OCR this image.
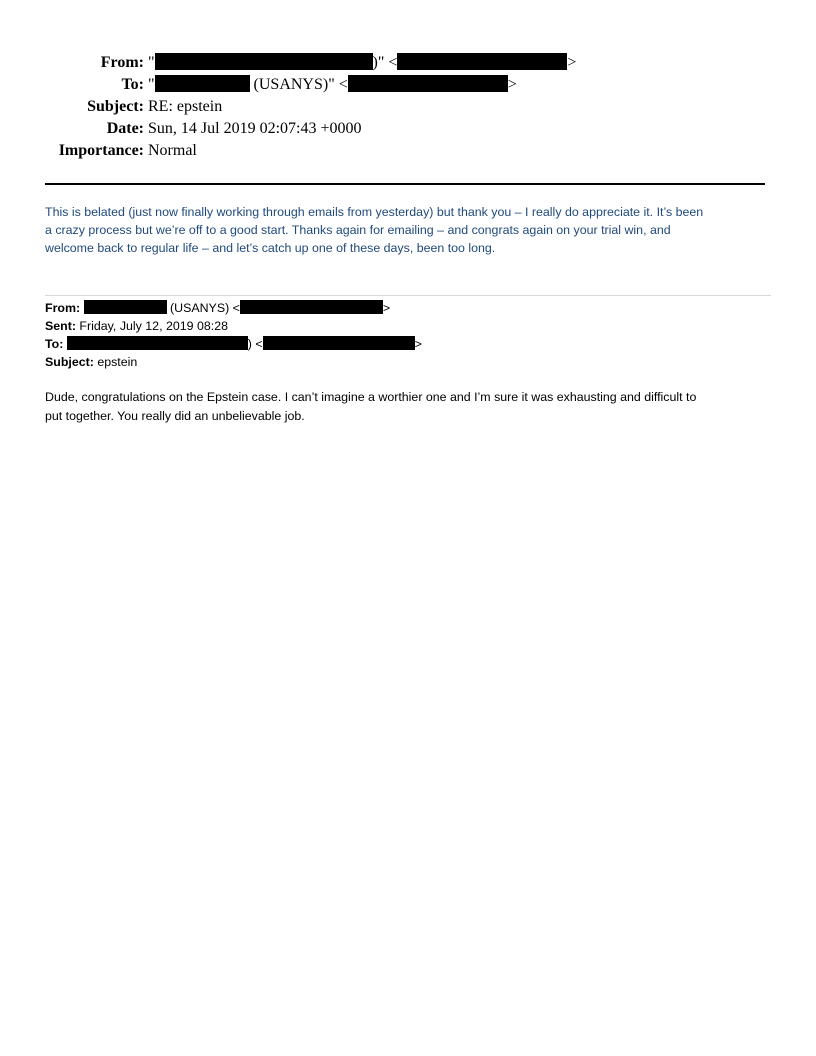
From: "	)" <	>
To: "	(USANYS)" <	>
Subject: RE: epstein
Date: Sun, 14 Jul 2019 02:07:43 +0000
Importance: Normal
This is belated (just now finally working through emails from yesterday) but thank you – I really do appreciate it. It’s been
a crazy process but we’re off to a good start. Thanks again for emailing – and congrats again on your trial win, and
welcome back to regular life – and let’s catch up one of these days, been too long.
From:	(USANYS) <	>
Sent: Friday, July 12, 2019 08:28
To:	) <	>
Subject: epstein
Dude, congratulations on the Epstein case. I can’t imagine a worthier one and I’m sure it was exhausting and difficult to
put together. You really did an unbelievable job.
